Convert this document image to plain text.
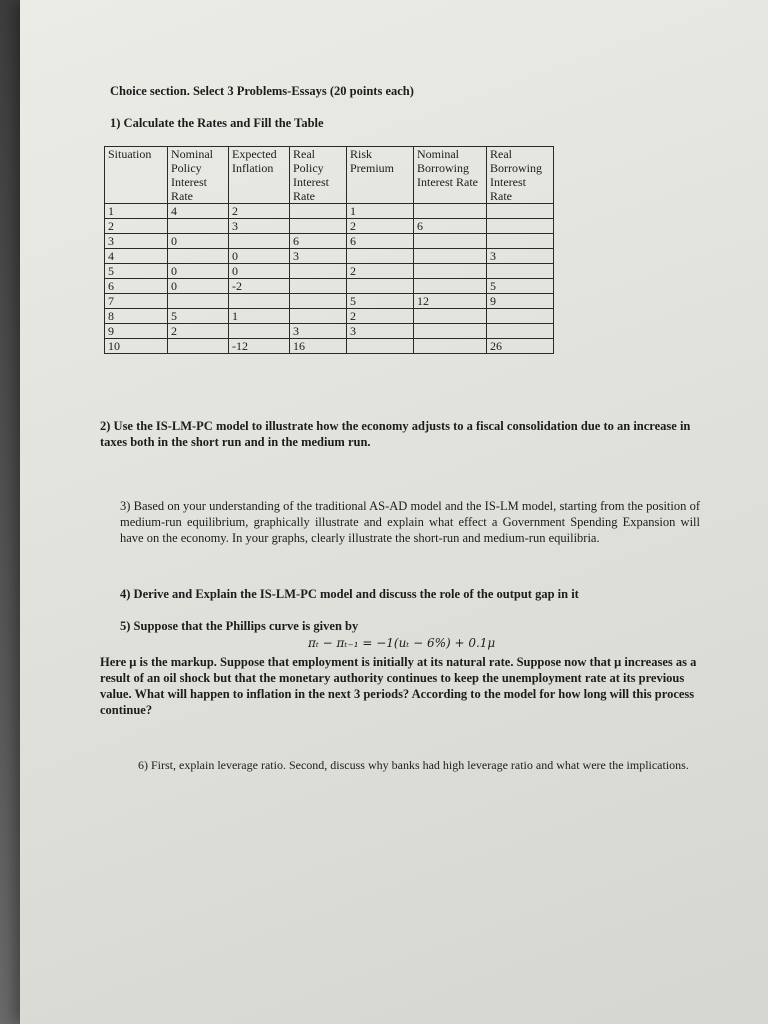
Choice section. Select 3 Problems-Essays (20 points each)
1) Calculate the Rates and Fill the Table
Situation	Nominal Policy Interest Rate	Expected Inflation	Real Policy Interest Rate	Risk Premium	Nominal Borrowing Interest Rate	Real Borrowing Interest Rate
1	4	2		1		
2		3		2	6	
3	0		6	6		
4		0	3			3
5	0	0		2		
6	0	-2				5
7				5	12	9
8	5	1		2		
9	2		3	3		
10		-12	16			26
2) Use the IS-LM-PC model to illustrate how the economy adjusts to a fiscal consolidation due to an increase in taxes both in the short run and in the medium run.
3) Based on your understanding of the traditional AS-AD model and the IS-LM model, starting from the position of medium-run equilibrium, graphically illustrate and explain what effect a Government Spending Expansion will have on the economy. In your graphs, clearly illustrate the short-run and medium-run equilibria.
4) Derive and Explain the IS-LM-PC model and discuss the role of the output gap in it
5) Suppose that the Phillips curve is given by
πₜ − πₜ₋₁ = −1(uₜ − 6%) + 0.1μ
Here μ is the markup. Suppose that employment is initially at its natural rate. Suppose now that μ increases as a result of an oil shock but that the monetary authority continues to keep the unemployment rate at its previous value. What will happen to inflation in the next 3 periods? According to the model for how long will this process continue?
6) First, explain leverage ratio. Second, discuss why banks had high leverage ratio and what were the implications.
